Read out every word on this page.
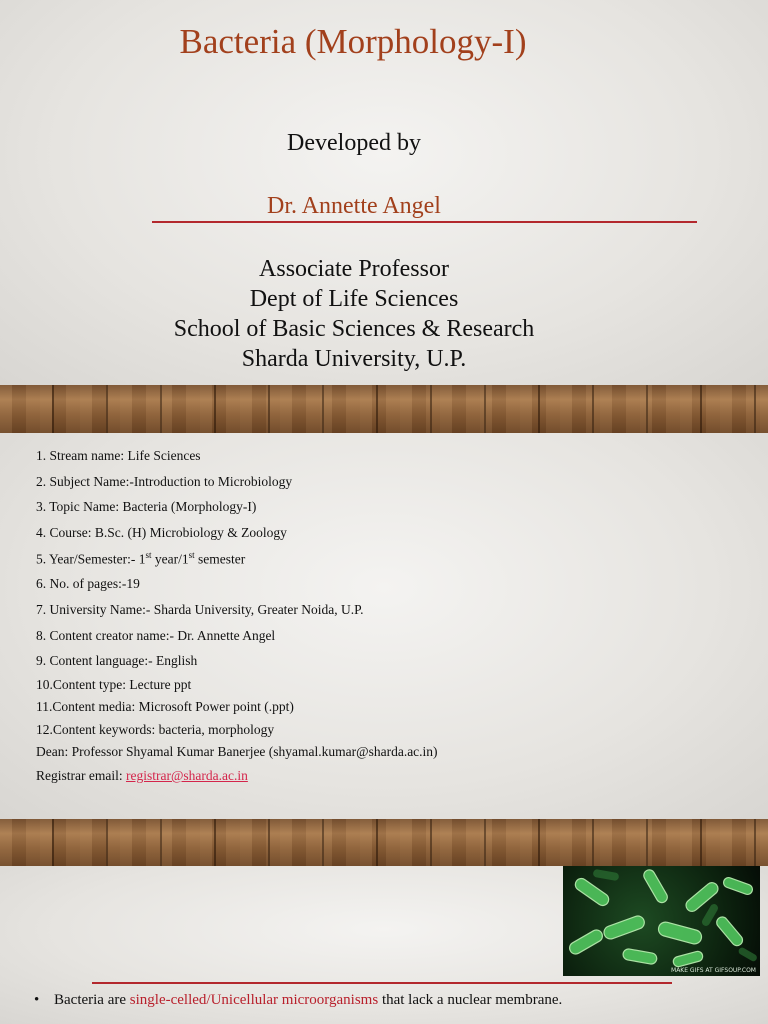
Bacteria (Morphology-I)
Developed by
Dr. Annette Angel
Associate Professor
Dept of Life Sciences
School of Basic Sciences & Research
Sharda University, U.P.
1. Stream name: Life Sciences
2. Subject Name:-Introduction to Microbiology
3. Topic Name: Bacteria (Morphology-I)
4. Course: B.Sc. (H) Microbiology & Zoology
5. Year/Semester:- 1st year/1st semester
6. No. of pages:-19
7. University Name:- Sharda University, Greater Noida, U.P.
8. Content creator name:- Dr. Annette Angel
9. Content language:- English
10.Content type: Lecture ppt
11.Content media: Microsoft Power point (.ppt)
12.Content keywords: bacteria, morphology
Dean: Professor Shyamal Kumar Banerjee (shyamal.kumar@sharda.ac.in)
Registrar email: registrar@sharda.ac.in
MAKE GIFS AT GIFSOUP.COM
• Bacteria are single-celled/Unicellular microorganisms that lack a nuclear membrane.
